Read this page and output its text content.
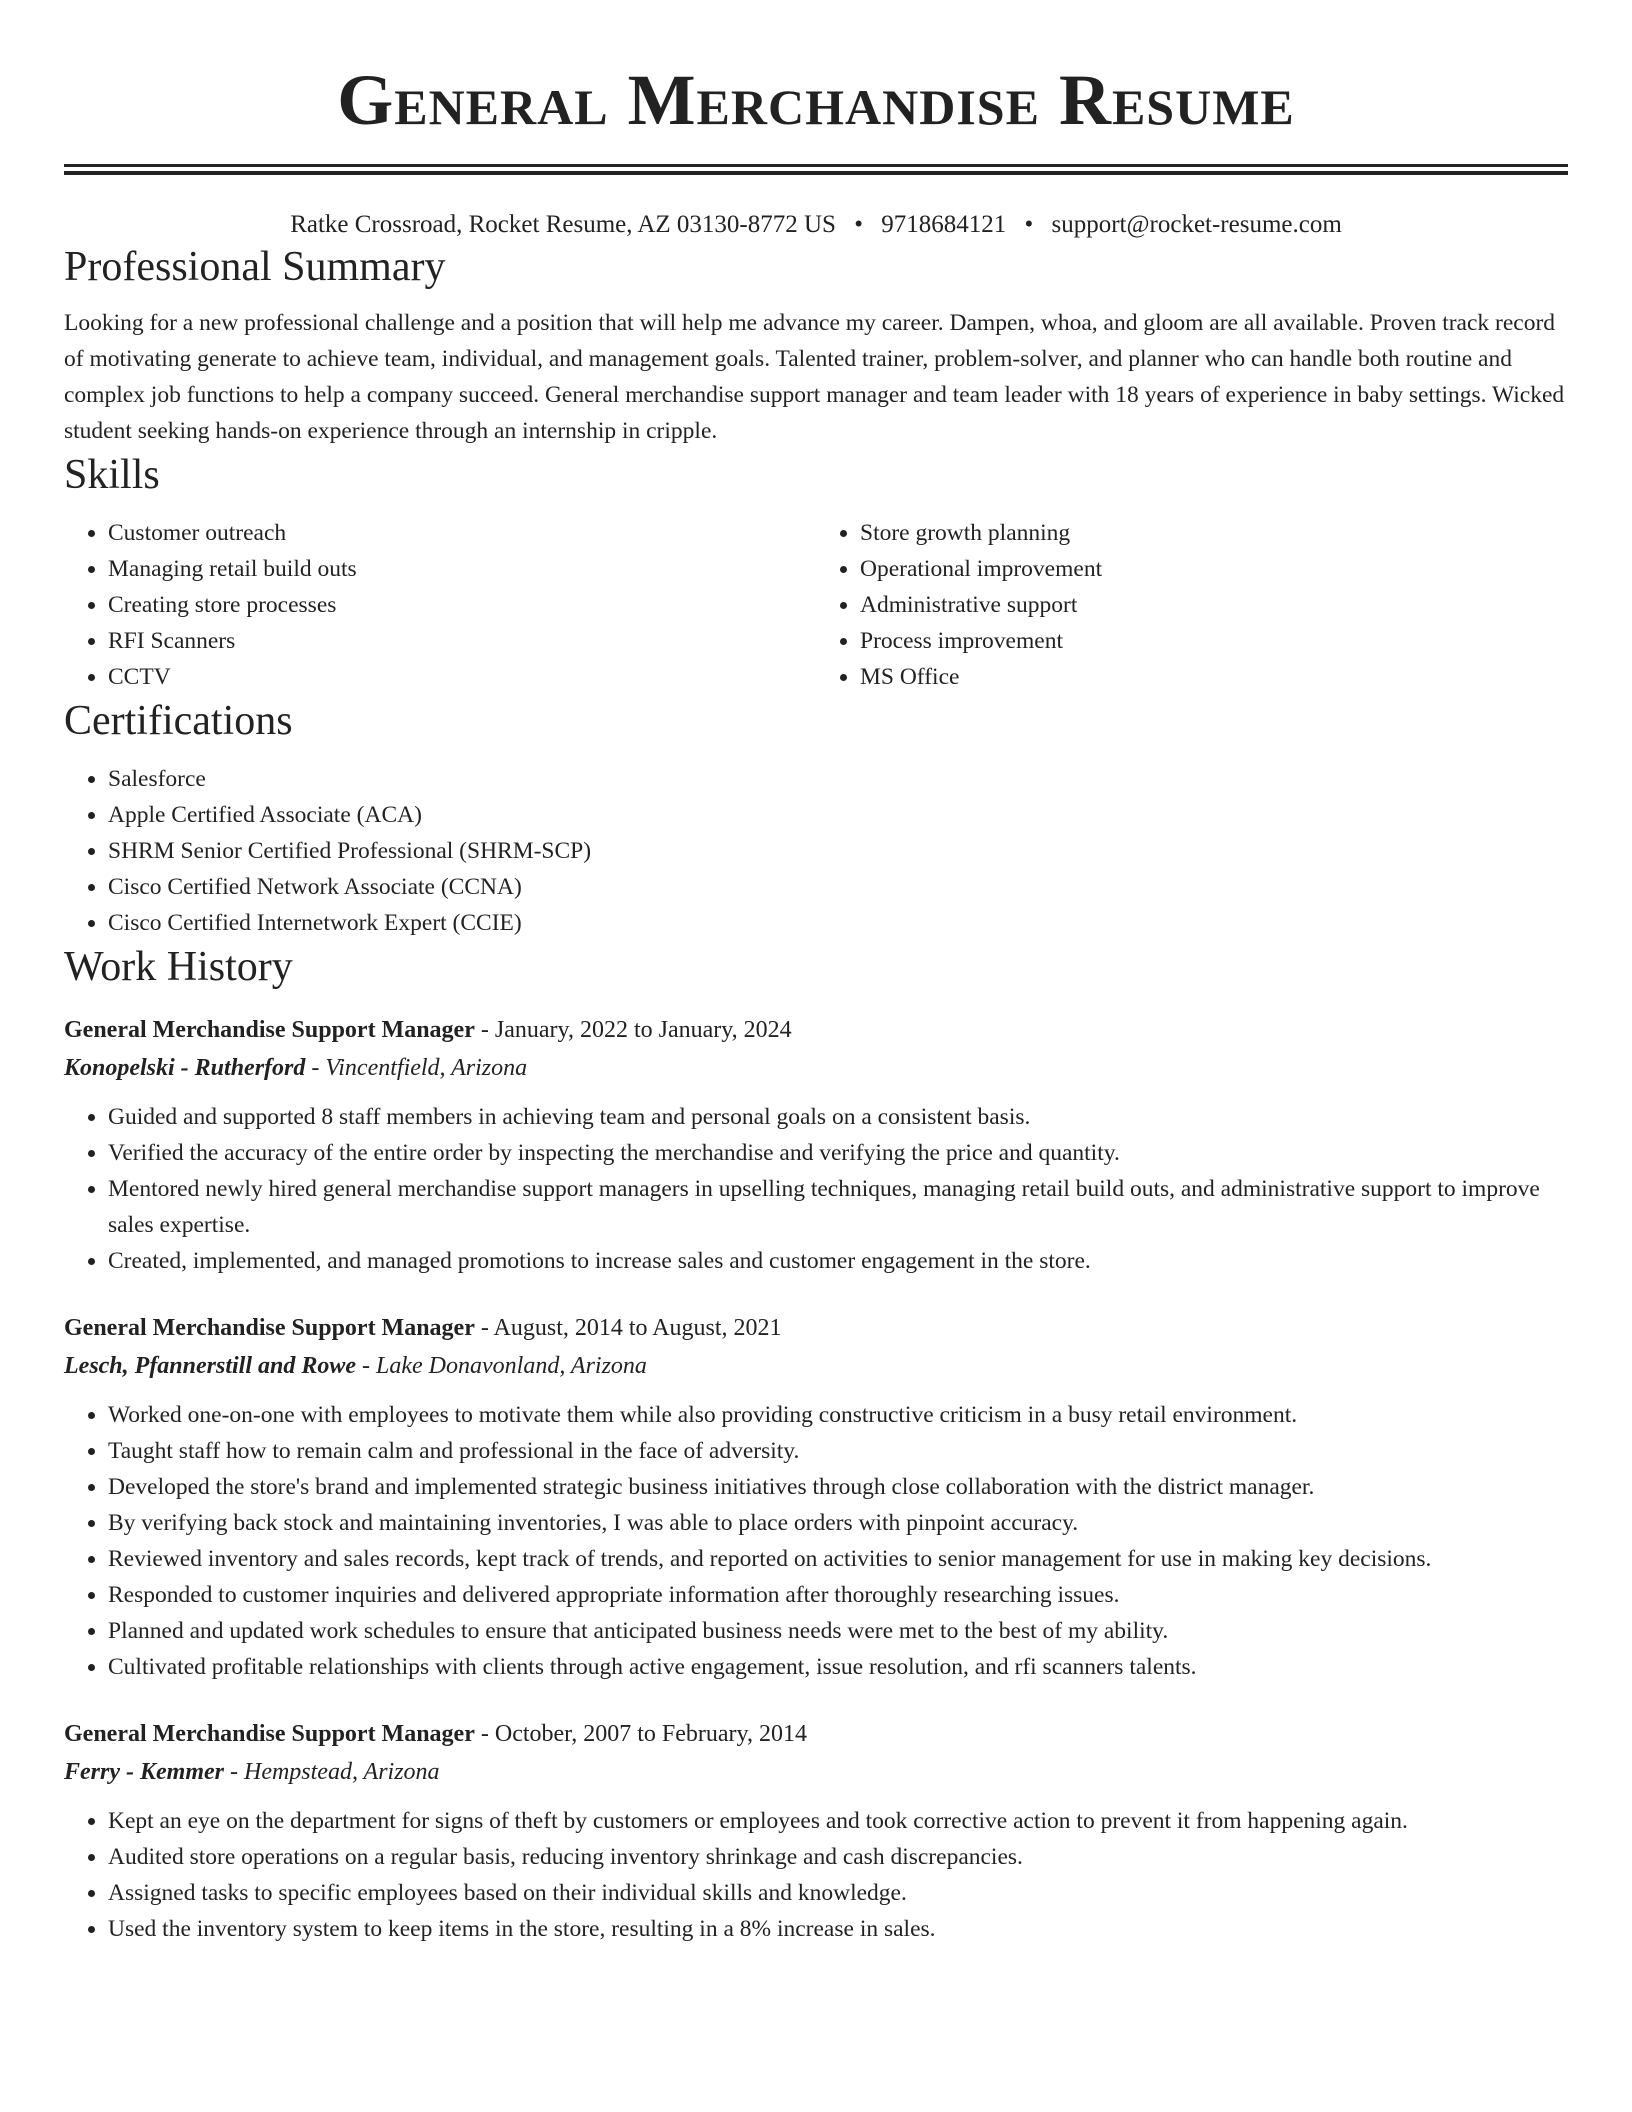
General Merchandise Resume
Ratke Crossroad, Rocket Resume, AZ 03130-8772 US • 9718684121 • support@rocket-resume.com
Professional Summary

Looking for a new professional challenge and a position that will help me advance my career. Dampen, whoa, and gloom are all available. Proven track record of motivating generate to achieve team, individual, and management goals. Talented trainer, problem-solver, and planner who can handle both routine and complex job functions to help a company succeed. General merchandise support manager and team leader with 18 years of experience in baby settings. Wicked student seeking hands-on experience through an internship in cripple.

Skills
• Customer outreach
• Managing retail build outs
• Creating store processes
• RFI Scanners
• CCTV
• Store growth planning
• Operational improvement
• Administrative support
• Process improvement
• MS Office
Certifications
• Salesforce
• Apple Certified Associate (ACA)
• SHRM Senior Certified Professional (SHRM-SCP)
• Cisco Certified Network Associate (CCNA)
• Cisco Certified Internetwork Expert (CCIE)
Work History
General Merchandise Support Manager - January, 2022 to January, 2024
Konopelski - Rutherford - Vincentfield, Arizona
• Guided and supported 8 staff members in achieving team and personal goals on a consistent basis.
• Verified the accuracy of the entire order by inspecting the merchandise and verifying the price and quantity.
• Mentored newly hired general merchandise support managers in upselling techniques, managing retail build outs, and administrative support to improve sales expertise.
• Created, implemented, and managed promotions to increase sales and customer engagement in the store.
General Merchandise Support Manager - August, 2014 to August, 2021
Lesch, Pfannerstill and Rowe - Lake Donavonland, Arizona
• Worked one-on-one with employees to motivate them while also providing constructive criticism in a busy retail environment.
• Taught staff how to remain calm and professional in the face of adversity.
• Developed the store's brand and implemented strategic business initiatives through close collaboration with the district manager.
• By verifying back stock and maintaining inventories, I was able to place orders with pinpoint accuracy.
• Reviewed inventory and sales records, kept track of trends, and reported on activities to senior management for use in making key decisions.
• Responded to customer inquiries and delivered appropriate information after thoroughly researching issues.
• Planned and updated work schedules to ensure that anticipated business needs were met to the best of my ability.
• Cultivated profitable relationships with clients through active engagement, issue resolution, and rfi scanners talents.
General Merchandise Support Manager - October, 2007 to February, 2014
Ferry - Kemmer - Hempstead, Arizona
• Kept an eye on the department for signs of theft by customers or employees and took corrective action to prevent it from happening again.
• Audited store operations on a regular basis, reducing inventory shrinkage and cash discrepancies.
• Assigned tasks to specific employees based on their individual skills and knowledge.
• Used the inventory system to keep items in the store, resulting in a 8% increase in sales.
